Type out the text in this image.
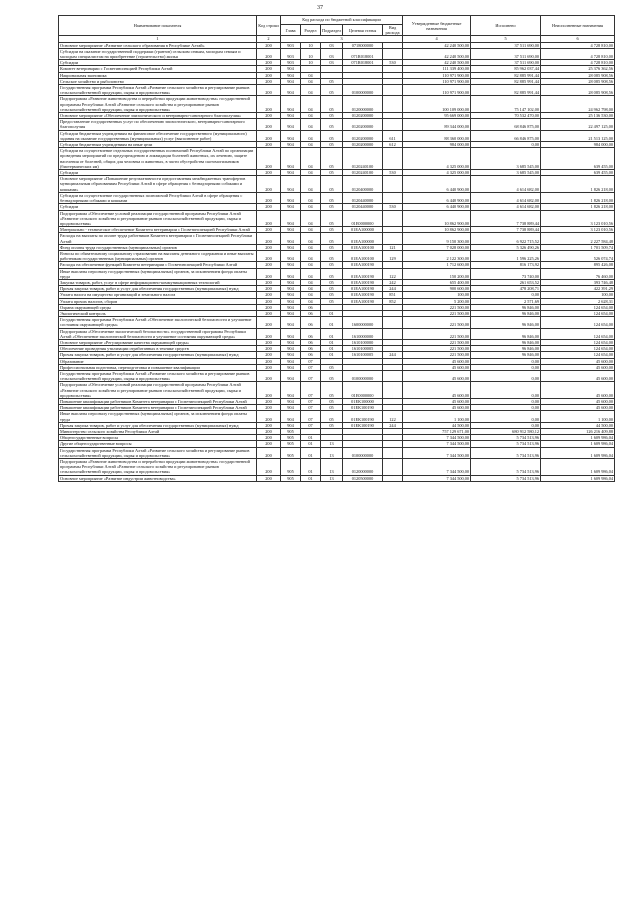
37
Наименование показателя	Код строки	Код расхода по бюджетной классификации					Утвержденные бюджетные назначения	Исполнено	Неисполненные назначения
		Глава	Раздел	Подраздел	Целевая статья	Вид расхода			
1	2	3					4	5	6
Основное мероприятие «Развитие сельского образования в Республике Алтай»	200	903	10	03	0718000000		42 240 500,00	37 511 690,00	4 728 810,00
Субсидии на оказание государственной поддержки (грантов) сельским семьям, молодым семьям и молодым специалистам на приобретение (строительство) жилья	200	903	10	03	071R018001		42 240 500,00	37 511 690,00	4 728 810,00
Субсидии	200	903	10	03	071R018001	530	42 240 500,00	37 511 690,00	4 728 810,00
Комитет ветеринарии с Госветинспекцией Республики Алтай	200	904					111 339 400,00	85 962 037,44	25 376 362,56
Национальная экономика	200	904	04				110 971 900,00	82 885 991,44	28 085 908,56
Сельское хозяйство и рыболовство	200	904	04	05			110 971 900,00	82 885 991,44	28 085 908,56
Государственная программа Республики Алтай «Развитие сельского хозяйства и регулирование рынков сельскохозяйственной продукции, сырья и продовольствия»	200	904	04	05	0100000000		110 971 900,00	82 885 991,44	28 085 908,56
Подпрограмма «Развитие животноводства и переработки продукции животноводства» государственной программы Республики Алтай «Развитие сельского хозяйства и регулирование рынков сельскохозяйственной продукции, сырья и продовольствия»	200	904	04	05	0120000000		100 109 000,00	75 147 102,00	24 962 798,00
Основное мероприятие «Обеспечение эпизоотического и ветеринарно-санитарного благополучия»	200	904	04	05	0120200000		95 669 000,00	70 532 470,00	25 136 530,00
Предоставление государственных услуг по обеспечению эпизоотического, ветеринарно-санитарного благополучия	200	904	04	05	0120200000		89 344 000,00	68 846 875,00	22 497 125,00
Субсидии бюджетным учреждениям на финансовое обеспечение государственного (муниципального) задания на оказание государственных (муниципальных) услуг (выполнение работ)	200	904	04	05	0120200000	611	88 360 000,00	66 846 875,00	21 513 125,00
Субсидии бюджетным учреждениям на иные цели	200	904	04	05	0120200000	612	984 000,00	0,00	984 000,00
Субсидии на осуществление отдельных государственных полномочий Республики Алтай по организации проведения мероприятий по предупреждению и ликвидации болезней животных, их лечению, защите населения от болезней, общих для человека и животных, в части обустройства скотомогильников (биотермических ям)	200	904	04	05	0120240100		4 325 000,00	3 685 545,00	639 455,00
Субсидии	200	904	04	05	0120240100	530	4 325 000,00	3 685 545,00	639 455,00
Основное мероприятие «Повышение результативности предоставления межбюджетных трансфертов муниципальным образованиям Республики Алтай в сфере обращения с безнадзорными собаками и кошками»	200	904	04	05	0120400000		6 440 900,00	4 614 682,00	1 826 218,00
Субсидии на осуществление государственных полномочий Республики Алтай в сфере обращения с безнадзорными собаками и кошками	200	904	04	05	0120440000		6 440 900,00	4 614 682,00	1 826 218,00
Субсидии	200	904	04	05	0120440000	530	6 440 900,00	4 614 682,00	1 826 218,00
Подпрограмма «Обеспечение условий реализации государственной программы Республики Алтай «Развитие сельского хозяйства и регулирование рынков сельскохозяйственной продукции, сырья и продовольствия»	200	904	04	05	01Е0000000		10 862 900,00	7 738 889,44	3 123 010,56
Материально - техническое обеспечение Комитета ветеринарии с Госветинспекцией Республики Алтай	200	904	04	05	01ЕА100000		10 862 900,00	7 738 889,44	3 123 010,56
Расходы на выплаты по оплате труда работников Комитета ветеринарии с Госветинспекцией Республики Алтай	200	904	04	05	01ЕА100000		9 150 300,00	6 922 715,52	2 227 584,48
Фонд оплаты труда государственных (муниципальных) органов	200	904	04	05	01ЕА100100	121	7 028 000,00	5 326 490,26	1 701 509,74
Взносы по обязательному социальному страхованию на выплаты денежного содержания и иные выплаты работникам государственных (муниципальных) органов	200	904	04	05	01ЕА100100	129	2 122 300,00	1 596 225,26	526 074,74
Расходы на обеспечение функций Комитета ветеринарии с Госветинспекцией Республики Алтай	200	904	04	05	01ЕА100190		1 712 600,00	816 173,92	895 426,08
Иные выплаты персоналу государственных (муниципальных) органов, за исключением фонда оплаты труда	200	904	04	05	01ЕА100190	122	150 200,00	73 740,00	76 460,00
Закупка товаров, работ, услуг в сфере информационно-коммуникационных технологий	200	904	04	05	01ЕА100190	242	655 400,00	261 653,52	393 746,48
Прочая закупка товаров, работ и услуг для обеспечения государственных (муниципальных) нужд	200	904	04	05	01ЕА100190	244	900 600,00	478 208,71	422 391,29
Уплата налога на имущество организаций и земельного налога	200	904	04	05	01ЕА100190	851	100,00	0,00	100,00
Уплата прочих налогов, сборов	200	904	04	05	01ЕА100190	852	5 200,00	2 571,69	2 628,31
Охрана окружающей среды	200	904	06				221 500,00	96 846,00	124 654,00
Экологический контроль	200	904	06	01			221 500,00	96 846,00	124 654,00
Государственная программа Республики Алтай «Обеспечение экологической безопасности и улучшение состояния окружающей среды»	200	904	06	01	1600000000		221 500,00	96 846,00	124 654,00
Подпрограмма «Обеспечение экологической безопасности» государственной программы Республики Алтай «Обеспечение экологической безопасности и улучшение состояния окружающей среды»	200	904	06	01	1610000000		221 500,00	96 846,00	124 654,00
Основное мероприятие «Регулирование качества окружающей среды»	200	904	06	01	1610100000		221 500,00	96 846,00	124 654,00
Обеспечение проведения утилизации отработанных в технике средств	200	904	06	01	1610100005		221 500,00	96 846,00	124 654,00
Прочая закупка товаров, работ и услуг для обеспечения государственных (муниципальных) нужд	200	904	06	01	1610100005	244	221 500,00	96 846,00	124 654,00
Образование	200	904	07				45 600,00	0,00	45 600,00
Профессиональная подготовка, переподготовка и повышение квалификации	200	904	07	05			45 600,00	0,00	45 600,00
Государственная программа Республики Алтай «Развитие сельского хозяйства и регулирование рынков сельскохозяйственной продукции, сырья и продовольствия»	200	904	07	05	0100000000		45 600,00	0,00	45 600,00
Подпрограмма «Обеспечение условий реализации государственной программы Республики Алтай «Развитие сельского хозяйства и регулирование рынков сельскохозяйственной продукции, сырья и продовольствия»	200	904	07	05	01Е0000000		45 600,00	0,00	45 600,00
Повышение квалификации работников Комитета ветеринарии с Госветинспекцией Республики Алтай	200	904	07	05	01ЕК100000		45 600,00	0,00	45 600,00
Повышение квалификации работников Комитета ветеринарии с Госветинспекцией Республики Алтай	200	904	07	05	01ЕК100190		45 600,00	0,00	45 600,00
Иные выплаты персоналу государственных (муниципальных) органов, за исключением фонда оплаты труда	200	904	07	05	01ЕК100190	122	1 100,00	0,00	1 100,00
Прочая закупка товаров, работ и услуг для обеспечения государственных (муниципальных) нужд	200	904	07	05	01ЕК100190	244	44 500,00	0,00	44 500,00
Министерство сельского хозяйства Республики Алтай	200	905					757 129 671,00	680 912 580,12	126 216 409,88
Общегосударственные вопросы	200	905	01				7 344 500,00	5 734 513,96	1 609 986,04
Другие общегосударственные вопросы	200	905	01	13			7 344 500,00	5 734 513,96	1 609 986,04
Государственная программа Республики Алтай «Развитие сельского хозяйства и регулирование рынков сельскохозяйственной продукции, сырья и продовольствия»	200	905	01	13	0100000000		7 344 500,00	5 734 513,96	1 609 986,04
Подпрограмма «Развитие животноводства и переработки продукции животноводства» государственной программы Республики Алтай «Развитие сельского хозяйства и регулирование рынков сельскохозяйственной продукции, сырья и продовольствия»	200	905	01	13	0120000000		7 344 500,00	5 734 513,96	1 609 986,04
Основное мероприятие «Развитие индустрии животноводства»	200	905	01	13	0120500000		7 344 500,00	5 734 513,96	1 609 986,04
